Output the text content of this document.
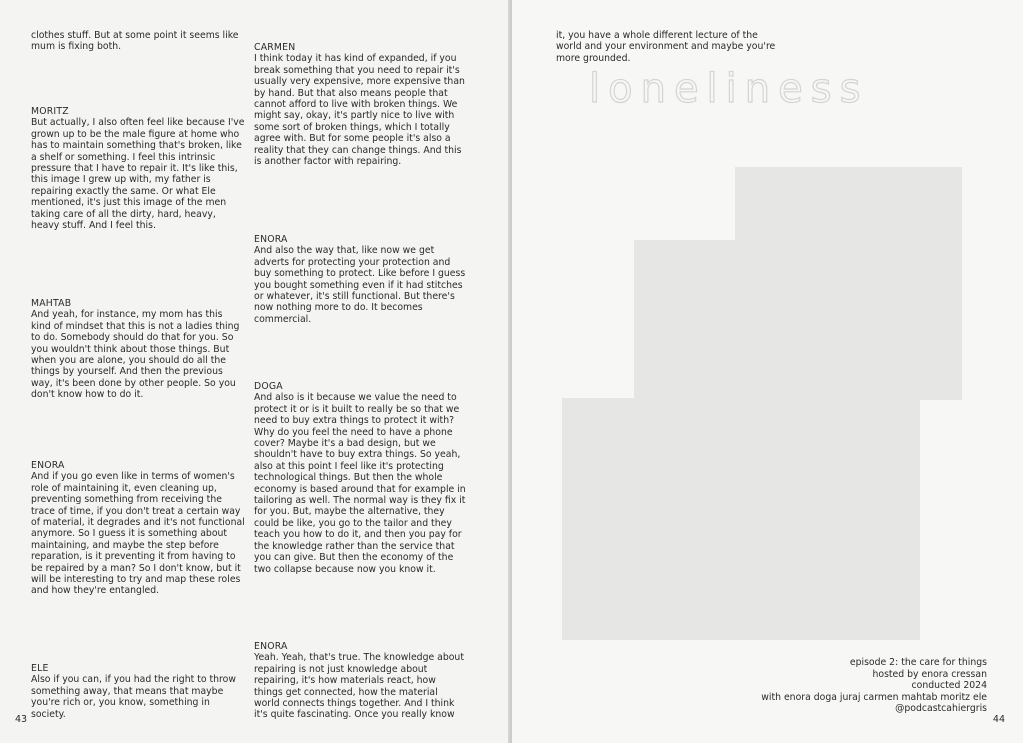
clothes stuff. But at some point it seems like mum is fixing both.
MORITZ
But actually, I also often feel like because I've grown up to be the male figure at home who has to maintain something that's broken, like a shelf or something. I feel this intrinsic pressure that I have to repair it. It's like this, this image I grew up with, my father is repairing exactly the same. Or what Ele mentioned, it's just this image of the men taking care of all the dirty, hard, heavy, heavy stuff. And I feel this.
MAHTAB
And yeah, for instance, my mom has this kind of mindset that this is not a ladies thing to do. Somebody should do that for you. So you wouldn't think about those things. But when you are alone, you should do all the things by yourself. And then the previous way, it's been done by other people. So you don't know how to do it.
ENORA
And if you go even like in terms of women's role of maintaining it, even cleaning up, preventing something from receiving the trace of time, if you don't treat a certain way of material, it degrades and it's not functional anymore. So I guess it is something about maintaining, and maybe the step before reparation, is it preventing it from having to be repaired by a man? So I don't know, but it will be interesting to try and map these roles and how they're entangled.
ELE
Also if you can, if you had the right to throw something away, that means that maybe you're rich or, you know, something in society.
CARMEN
I think today it has kind of expanded, if you break something that you need to repair it's usually very expensive, more expensive than by hand. But that also means people that cannot afford to live with broken things. We might say, okay, it's partly nice to live with some sort of broken things, which I totally agree with. But for some people it's also a reality that they can change things. And this is another factor with repairing.
ENORA
And also the way that, like now we get adverts for protecting your protection and buy something to protect. Like before I guess you bought something even if it had stitches or whatever, it's still functional. But there's now nothing more to do. It becomes commercial.
DOGA
And also is it because we value the need to protect it or is it built to really be so that we need to buy extra things to protect it with? Why do you feel the need to have a phone cover? Maybe it's a bad design, but we shouldn't have to buy extra things. So yeah, also at this point I feel like it's protecting technological things. But then the whole economy is based around that for example in tailoring as well. The normal way is they fix it for you. But, maybe the alternative, they could be like, you go to the tailor and they teach you how to do it, and then you pay for the knowledge rather than the service that you can give. But then the economy of the two collapse because now you know it.
ENORA
Yeah. Yeah, that's true. The knowledge about repairing is not just knowledge about repairing, it's how materials react, how things get connected, how the material world connects things together. And I think it's quite fascinating. Once you really know
43
it, you have a whole different lecture of the world and your environment and maybe you're more grounded.
loneliness
episode 2: the care for things
hosted by enora cressan
conducted 2024
with enora doga juraj carmen mahtab moritz ele
@podcastcahiergris
44
